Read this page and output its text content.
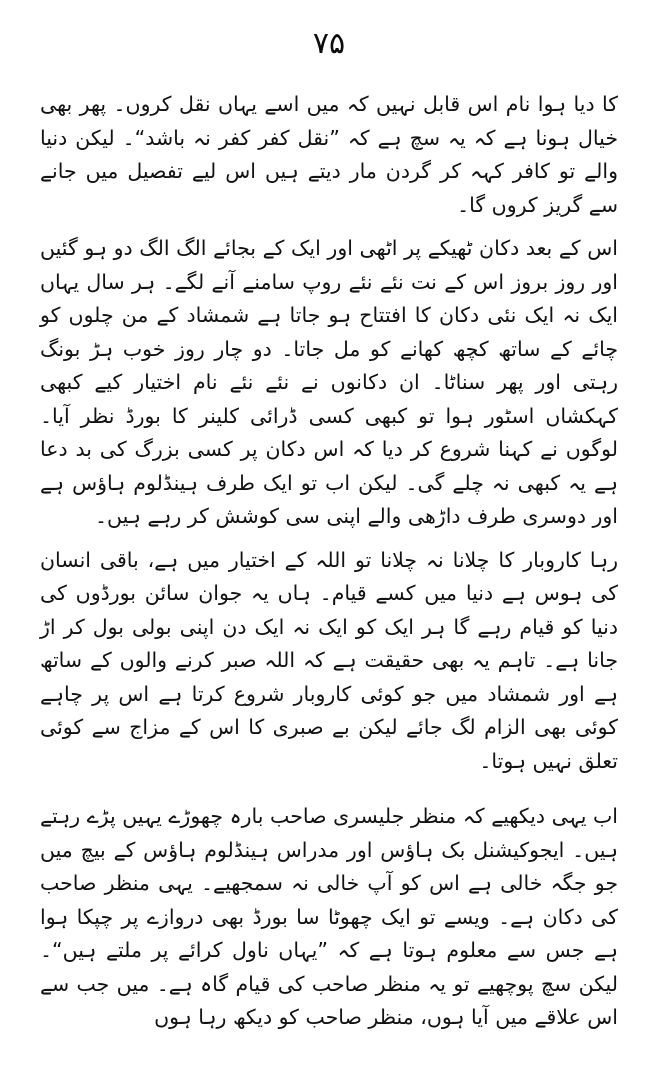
۷۵

کا دیا ہوا نام اس قابل نہیں کہ میں اسے یہاں نقل کروں۔ پھر بھی خیال ہونا ہے کہ یہ سچ ہے کہ ”نقل کفر کفر نہ باشد“۔ لیکن دنیا والے تو کافر کہہ کر گردن مار دیتے ہیں اس لیے تفصیل میں جانے سے گریز کروں گا۔

اس کے بعد دکان ٹھیکے پر اٹھی اور ایک کے بجائے الگ الگ دو ہو گئیں اور روز بروز اس کے نت نئے نئے روپ سامنے آنے لگے۔ ہر سال یہاں ایک نہ ایک نئی دکان کا افتتاح ہو جاتا ہے شمشاد کے من چلوں کو چائے کے ساتھ کچھ کھانے کو مل جاتا۔ دو چار روز خوب ہڑ بونگ رہتی اور پھر سناٹا۔ ان دکانوں نے نئے نئے نام اختیار کیے کبھی کہکشاں اسٹور ہوا تو کبھی کسی ڈرائی کلینر کا بورڈ نظر آیا۔ لوگوں نے کہنا شروع کر دیا کہ اس دکان پر کسی بزرگ کی بد دعا ہے یہ کبھی نہ چلے گی۔ لیکن اب تو ایک طرف ہینڈلوم ہاؤس ہے اور دوسری طرف داڑھی والے اپنی سی کوشش کر رہے ہیں۔

رہا کاروبار کا چلانا نہ چلانا تو اللہ کے اختیار میں ہے، باقی انسان کی ہوس ہے دنیا میں کسے قیام۔ ہاں یہ جوان سائن بورڈوں کی دنیا کو قیام رہے گا ہر ایک کو ایک نہ ایک دن اپنی بولی بول کر اڑ جانا ہے۔ تاہم یہ بھی حقیقت ہے کہ اللہ صبر کرنے والوں کے ساتھ ہے اور شمشاد میں جو کوئی کاروبار شروع کرتا ہے اس پر چاہے کوئی بھی الزام لگ جائے لیکن بے صبری کا اس کے مزاج سے کوئی تعلق نہیں ہوتا۔

اب یہی دیکھیے کہ منظر جلیسری صاحب بارہ چھوڑے یہیں پڑے رہتے ہیں۔ ایجوکیشنل بک ہاؤس اور مدراس ہینڈلوم ہاؤس کے بیچ میں جو جگہ خالی ہے اس کو آپ خالی نہ سمجھیے۔ یہی منظر صاحب کی دکان ہے۔ ویسے تو ایک چھوٹا سا بورڈ بھی دروازے پر چپکا ہوا ہے جس سے معلوم ہوتا ہے کہ ”یہاں ناول کرائے پر ملتے ہیں“۔ لیکن سچ پوچھیے تو یہ منظر صاحب کی قیام گاہ ہے۔ میں جب سے اس علاقے میں آیا ہوں، منظر صاحب کو دیکھ رہا ہوں
